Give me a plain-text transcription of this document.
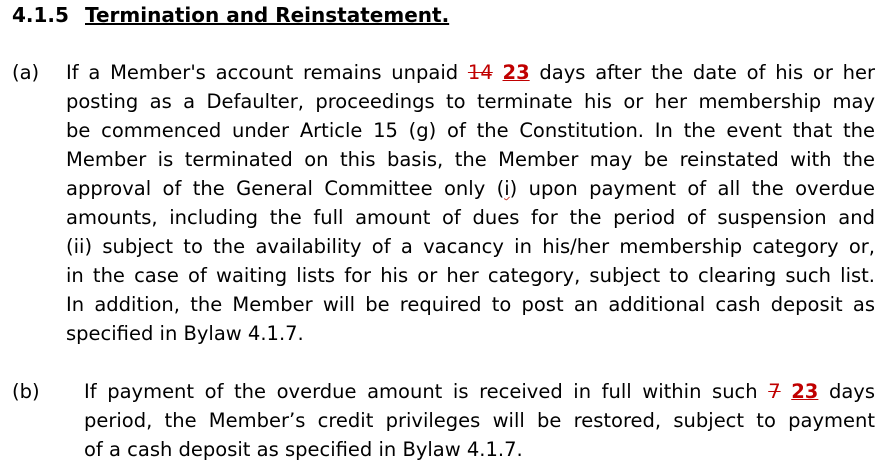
4.1.5 Termination and Reinstatement.
(a) If a Member's account remains unpaid 14 23 days after the date of his or her
posting as a Defaulter, proceedings to terminate his or her membership may
be commenced under Article 15 (g) of the Constitution. In the event that the
Member is terminated on this basis, the Member may be reinstated with the
approval of the General Committee only (i) upon payment of all the overdue
amounts, including the full amount of dues for the period of suspension and
(ii) subject to the availability of a vacancy in his/her membership category or,
in the case of waiting lists for his or her category, subject to clearing such list.
In addition, the Member will be required to post an additional cash deposit as
specified in Bylaw 4.1.7.
(b) If payment of the overdue amount is received in full within such 7 23 days
period, the Member’s credit privileges will be restored, subject to payment
of a cash deposit as specified in Bylaw 4.1.7.
